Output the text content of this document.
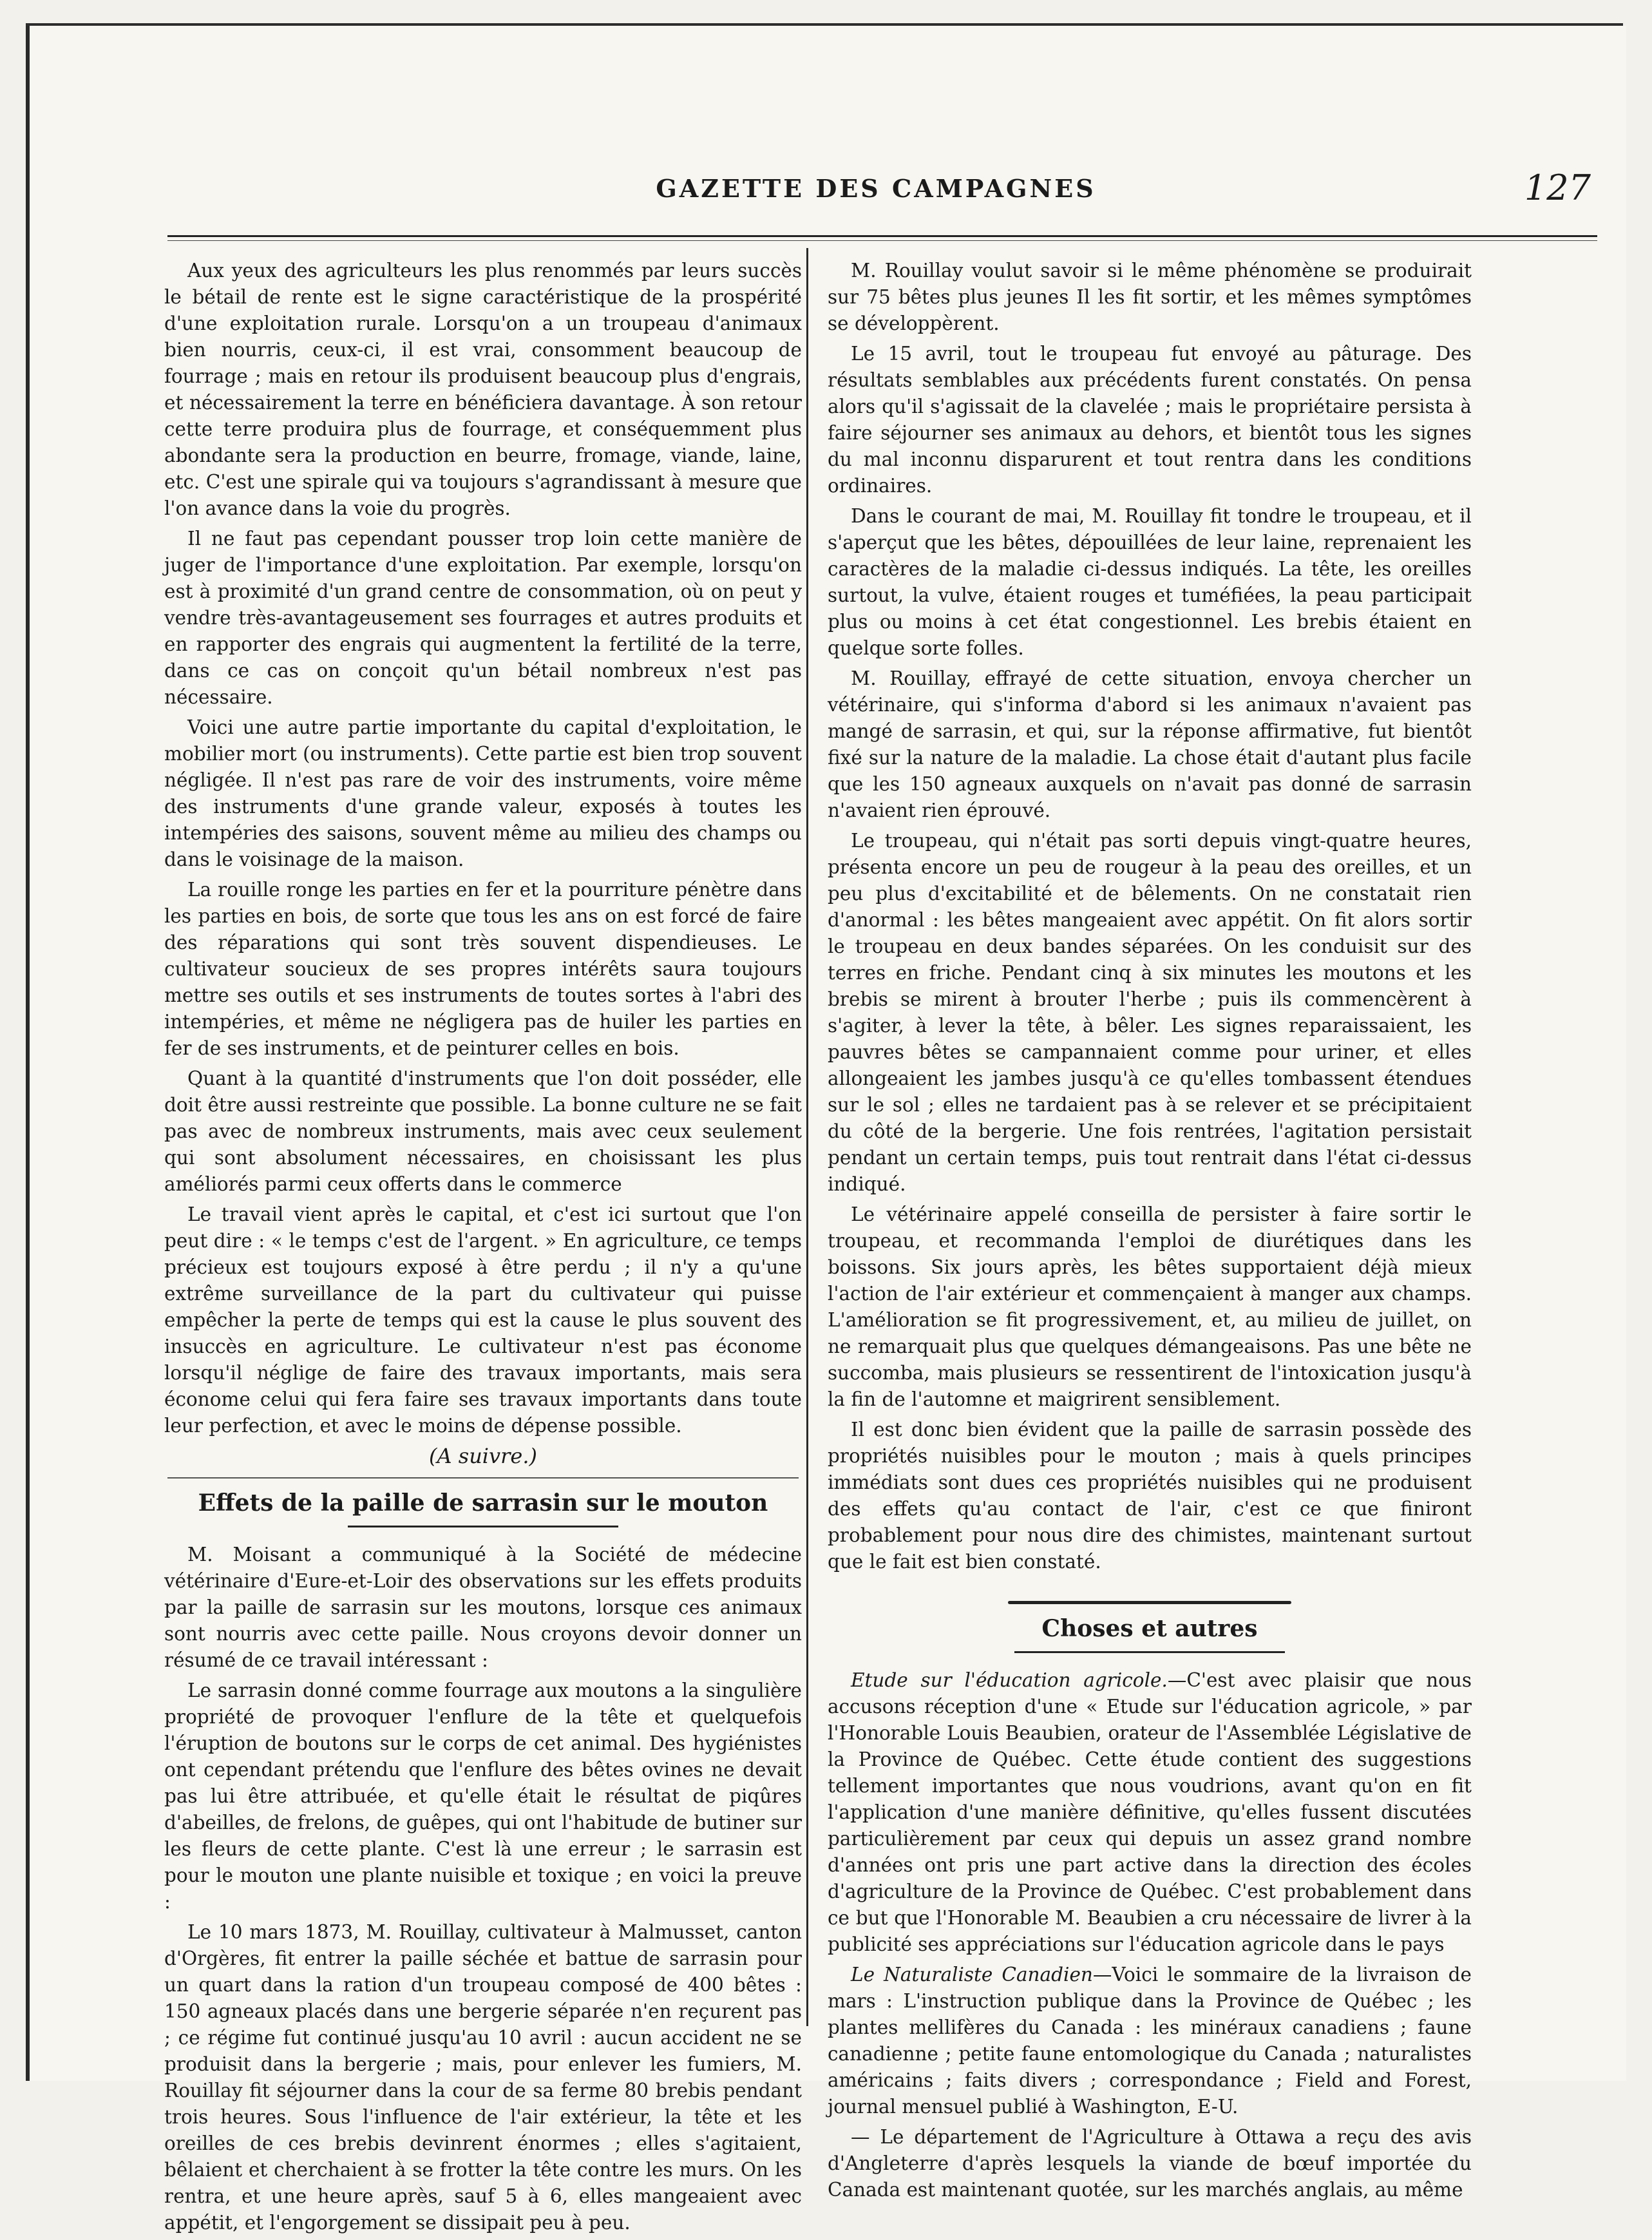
GAZETTE DES CAMPAGNES	127

Aux yeux des agriculteurs les plus renommés par leurs succès le bétail de rente est le signe caractéristique de la prospérité d'une exploitation rurale. Lorsqu'on a un troupeau d'animaux bien nourris, ceux-ci, il est vrai, consomment beaucoup de fourrage ; mais en retour ils produisent beaucoup plus d'engrais, et nécessairement la terre en bénéficiera davantage. À son retour cette terre produira plus de fourrage, et conséquemment plus abondante sera la production en beurre, fromage, viande, laine, etc. C'est une spirale qui va toujours s'agrandissant à mesure que l'on avance dans la voie du progrès.

Il ne faut pas cependant pousser trop loin cette manière de juger de l'importance d'une exploitation. Par exemple, lorsqu'on est à proximité d'un grand centre de consommation, où on peut y vendre très-avantageusement ses fourrages et autres produits et en rapporter des engrais qui augmentent la fertilité de la terre, dans ce cas on conçoit qu'un bétail nombreux n'est pas nécessaire.

Voici une autre partie importante du capital d'exploitation, le mobilier mort (ou instruments). Cette partie est bien trop souvent négligée. Il n'est pas rare de voir des instruments, voire même des instruments d'une grande valeur, exposés à toutes les intempéries des saisons, souvent même au milieu des champs ou dans le voisinage de la maison.

La rouille ronge les parties en fer et la pourriture pénètre dans les parties en bois, de sorte que tous les ans on est forcé de faire des réparations qui sont très souvent dispendieuses. Le cultivateur soucieux de ses propres intérêts saura toujours mettre ses outils et ses instruments de toutes sortes à l'abri des intempéries, et même ne négligera pas de huiler les parties en fer de ses instruments, et de peinturer celles en bois.

Quant à la quantité d'instruments que l'on doit posséder, elle doit être aussi restreinte que possible. La bonne culture ne se fait pas avec de nombreux instruments, mais avec ceux seulement qui sont absolument nécessaires, en choisissant les plus améliorés parmi ceux offerts dans le commerce

Le travail vient après le capital, et c'est ici surtout que l'on peut dire : « le temps c'est de l'argent. » En agriculture, ce temps précieux est toujours exposé à être perdu ; il n'y a qu'une extrême surveillance de la part du cultivateur qui puisse empêcher la perte de temps qui est la cause le plus souvent des insuccès en agriculture. Le cultivateur n'est pas économe lorsqu'il néglige de faire des travaux importants, mais sera économe celui qui fera faire ses travaux importants dans toute leur perfection, et avec le moins de dépense possible.

(A suivre.)

Effets de la paille de sarrasin sur le mouton

M. Moisant a communiqué à la Société de médecine vétérinaire d'Eure-et-Loir des observations sur les effets produits par la paille de sarrasin sur les moutons, lorsque ces animaux sont nourris avec cette paille. Nous croyons devoir donner un résumé de ce travail intéressant :

Le sarrasin donné comme fourrage aux moutons a la singulière propriété de provoquer l'enflure de la tête et quelquefois l'éruption de boutons sur le corps de cet animal. Des hygiénistes ont cependant prétendu que l'enflure des bêtes ovines ne devait pas lui être attribuée, et qu'elle était le résultat de piqûres d'abeilles, de frelons, de guêpes, qui ont l'habitude de butiner sur les fleurs de cette plante. C'est là une erreur ; le sarrasin est pour le mouton une plante nuisible et toxique ; en voici la preuve :

Le 10 mars 1873, M. Rouillay, cultivateur à Malmusset, canton d'Orgères, fit entrer la paille séchée et battue de sarrasin pour un quart dans la ration d'un troupeau composé de 400 bêtes : 150 agneaux placés dans une bergerie séparée n'en reçurent pas ; ce régime fut continué jusqu'au 10 avril : aucun accident ne se produisit dans la bergerie ; mais, pour enlever les fumiers, M. Rouillay fit séjourner dans la cour de sa ferme 80 brebis pendant trois heures. Sous l'influence de l'air extérieur, la tête et les oreilles de ces brebis devinrent énormes ; elles s'agitaient, bêlaient et cherchaient à se frotter la tête contre les murs. On les rentra, et une heure après, sauf 5 à 6, elles mangeaient avec appétit, et l'engorgement se dissipait peu à peu.

M. Rouillay voulut savoir si le même phénomène se produirait sur 75 bêtes plus jeunes Il les fit sortir, et les mêmes symptômes se développèrent.

Le 15 avril, tout le troupeau fut envoyé au pâturage. Des résultats semblables aux précédents furent constatés. On pensa alors qu'il s'agissait de la clavelée ; mais le propriétaire persista à faire séjourner ses animaux au dehors, et bientôt tous les signes du mal inconnu disparurent et tout rentra dans les conditions ordinaires.

Dans le courant de mai, M. Rouillay fit tondre le troupeau, et il s'aperçut que les bêtes, dépouillées de leur laine, reprenaient les caractères de la maladie ci-dessus indiqués. La tête, les oreilles surtout, la vulve, étaient rouges et tuméfiées, la peau participait plus ou moins à cet état congestionnel. Les brebis étaient en quelque sorte folles.

M. Rouillay, effrayé de cette situation, envoya chercher un vétérinaire, qui s'informa d'abord si les animaux n'avaient pas mangé de sarrasin, et qui, sur la réponse affirmative, fut bientôt fixé sur la nature de la maladie. La chose était d'autant plus facile que les 150 agneaux auxquels on n'avait pas donné de sarrasin n'avaient rien éprouvé.

Le troupeau, qui n'était pas sorti depuis vingt-quatre heures, présenta encore un peu de rougeur à la peau des oreilles, et un peu plus d'excitabilité et de bêlements. On ne constatait rien d'anormal : les bêtes mangeaient avec appétit. On fit alors sortir le troupeau en deux bandes séparées. On les conduisit sur des terres en friche. Pendant cinq à six minutes les moutons et les brebis se mirent à brouter l'herbe ; puis ils commencèrent à s'agiter, à lever la tête, à bêler. Les signes reparaissaient, les pauvres bêtes se campannaient comme pour uriner, et elles allongeaient les jambes jusqu'à ce qu'elles tombassent étendues sur le sol ; elles ne tardaient pas à se relever et se précipitaient du côté de la bergerie. Une fois rentrées, l'agitation persistait pendant un certain temps, puis tout rentrait dans l'état ci-dessus indiqué.

Le vétérinaire appelé conseilla de persister à faire sortir le troupeau, et recommanda l'emploi de diurétiques dans les boissons. Six jours après, les bêtes supportaient déjà mieux l'action de l'air extérieur et commençaient à manger aux champs. L'amélioration se fit progressivement, et, au milieu de juillet, on ne remarquait plus que quelques démangeaisons. Pas une bête ne succomba, mais plusieurs se ressentirent de l'intoxication jusqu'à la fin de l'automne et maigrirent sensiblement.

Il est donc bien évident que la paille de sarrasin possède des propriétés nuisibles pour le mouton ; mais à quels principes immédiats sont dues ces propriétés nuisibles qui ne produisent des effets qu'au contact de l'air, c'est ce que finiront probablement pour nous dire des chimistes, maintenant surtout que le fait est bien constaté.

Choses et autres

Etude sur l'éducation agricole.—C'est avec plaisir que nous accusons réception d'une « Etude sur l'éducation agricole, » par l'Honorable Louis Beaubien, orateur de l'Assemblée Législative de la Province de Québec. Cette étude contient des suggestions tellement importantes que nous voudrions, avant qu'on en fit l'application d'une manière définitive, qu'elles fussent discutées particulièrement par ceux qui depuis un assez grand nombre d'années ont pris une part active dans la direction des écoles d'agriculture de la Province de Québec. C'est probablement dans ce but que l'Honorable M. Beaubien a cru nécessaire de livrer à la publicité ses appréciations sur l'éducation agricole dans le pays

Le Naturaliste Canadien—Voici le sommaire de la livraison de mars : L'instruction publique dans la Province de Québec ; les plantes mellifères du Canada : les minéraux canadiens ; faune canadienne ; petite faune entomologique du Canada ; naturalistes américains ; faits divers ; correspondance ; Field and Forest, journal mensuel publié à Washington, E-U.

— Le département de l'Agriculture à Ottawa a reçu des avis d'Angleterre d'après lesquels la viande de bœuf importée du Canada est maintenant quotée, sur les marchés anglais, au même
